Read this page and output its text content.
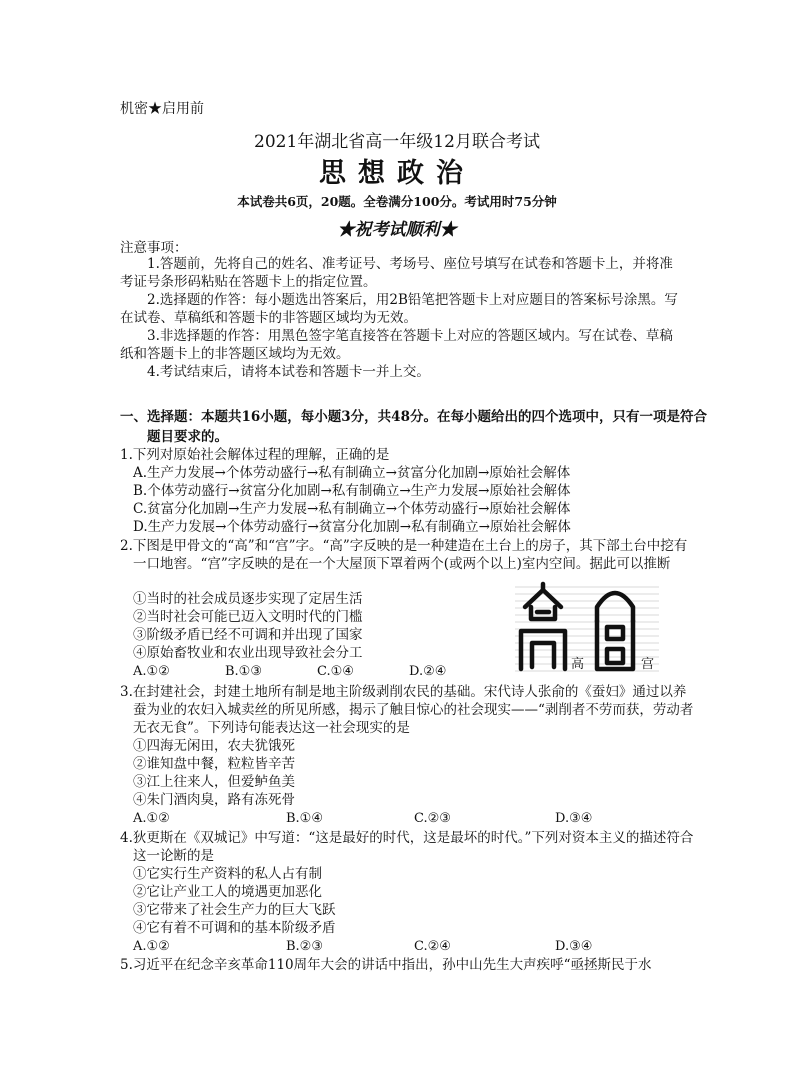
机密★启用前
2021年湖北省高一年级12月联合考试
思想政治
本试卷共6页，20题。全卷满分100分。考试用时75分钟
★祝考试顺利★
注意事项：
1.答题前，先将自己的姓名、准考证号、考场号、座位号填写在试卷和答题卡上，并将准考证号条形码粘贴在答题卡上的指定位置。
2.选择题的作答：每小题选出答案后，用2B铅笔把答题卡上对应题目的答案标号涂黑。写在试卷、草稿纸和答题卡的非答题区域均为无效。
3.非选择题的作答：用黑色签字笔直接答在答题卡上对应的答题区域内。写在试卷、草稿纸和答题卡上的非答题区域均为无效。
4.考试结束后，请将本试卷和答题卡一并上交。
一、选择题：本题共16小题，每小题3分，共48分。在每小题给出的四个选项中，只有一项是符合题目要求的。
1.下列对原始社会解体过程的理解，正确的是
A.生产力发展→个体劳动盛行→私有制确立→贫富分化加剧→原始社会解体
B.个体劳动盛行→贫富分化加剧→私有制确立→生产力发展→原始社会解体
C.贫富分化加剧→生产力发展→私有制确立→个体劳动盛行→原始社会解体
D.生产力发展→个体劳动盛行→贫富分化加剧→私有制确立→原始社会解体
2.下图是甲骨文的“高”和“宫”字。“高”字反映的是一种建造在土台上的房子，其下部土台中挖有一口地窖。“宫”字反映的是在一个大屋顶下罩着两个(或两个以上)室内空间。据此可以推断
①当时的社会成员逐步实现了定居生活
②当时社会可能已迈入文明时代的门槛
③阶级矛盾已经不可调和并出现了国家
④原始畜牧业和农业出现导致社会分工
A.①②	B.①③	C.①④	D.②④	高	宫
3.在封建社会，封建土地所有制是地主阶级剥削农民的基础。宋代诗人张俞的《蚕妇》通过以养蚕为业的农妇入城卖丝的所见所感，揭示了触目惊心的社会现实——“剥削者不劳而获，劳动者无衣无食”。下列诗句能表达这一社会现实的是
①四海无闲田，农夫犹饿死
②谁知盘中餐，粒粒皆辛苦
③江上往来人，但爱鲈鱼美
④朱门酒肉臭，路有冻死骨
A.①②	B.①④	C.②③	D.③④
4.狄更斯在《双城记》中写道：“这是最好的时代，这是最坏的时代。”下列对资本主义的描述符合这一论断的是
①它实行生产资料的私人占有制
②它让产业工人的境遇更加恶化
③它带来了社会生产力的巨大飞跃
④它有着不可调和的基本阶级矛盾
A.①②	B.②③	C.②④	D.③④
5.习近平在纪念辛亥革命110周年大会的讲话中指出，孙中山先生大声疾呼“亟拯斯民于水
